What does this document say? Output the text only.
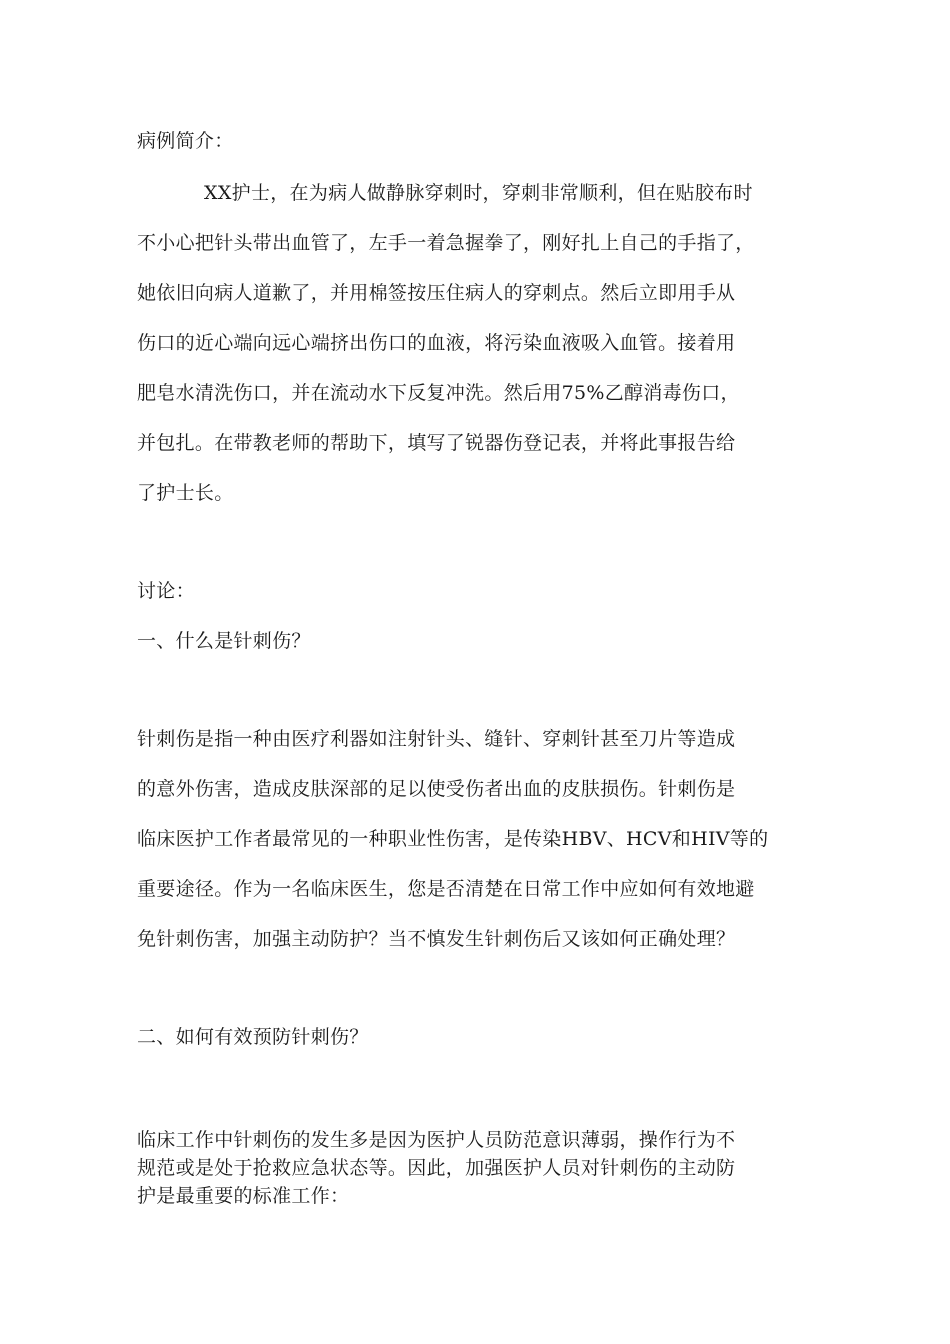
病例简介：
XX护士，在为病人做静脉穿刺时，穿刺非常顺利，但在贴胶布时
不小心把针头带出血管了，左手一着急握拳了，刚好扎上自己的手指了，
她依旧向病人道歉了，并用棉签按压住病人的穿刺点。然后立即用手从
伤口的近心端向远心端挤出伤口的血液，将污染血液吸入血管。接着用
肥皂水清洗伤口，并在流动水下反复冲洗。然后用75%乙醇消毒伤口，
并包扎。在带教老师的帮助下，填写了锐器伤登记表，并将此事报告给
了护士长。
讨论：
一、什么是针刺伤？
针刺伤是指一种由医疗利器如注射针头、缝针、穿刺针甚至刀片等造成
的意外伤害，造成皮肤深部的足以使受伤者出血的皮肤损伤。针刺伤是
临床医护工作者最常见的一种职业性伤害，是传染HBV、HCV和HIV等的
重要途径。作为一名临床医生，您是否清楚在日常工作中应如何有效地避
免针刺伤害，加强主动防护？当不慎发生针刺伤后又该如何正确处理？
二、如何有效预防针刺伤？
临床工作中针刺伤的发生多是因为医护人员防范意识薄弱，操作行为不
规范或是处于抢救应急状态等。因此，加强医护人员对针刺伤的主动防
护是最重要的标准工作：
